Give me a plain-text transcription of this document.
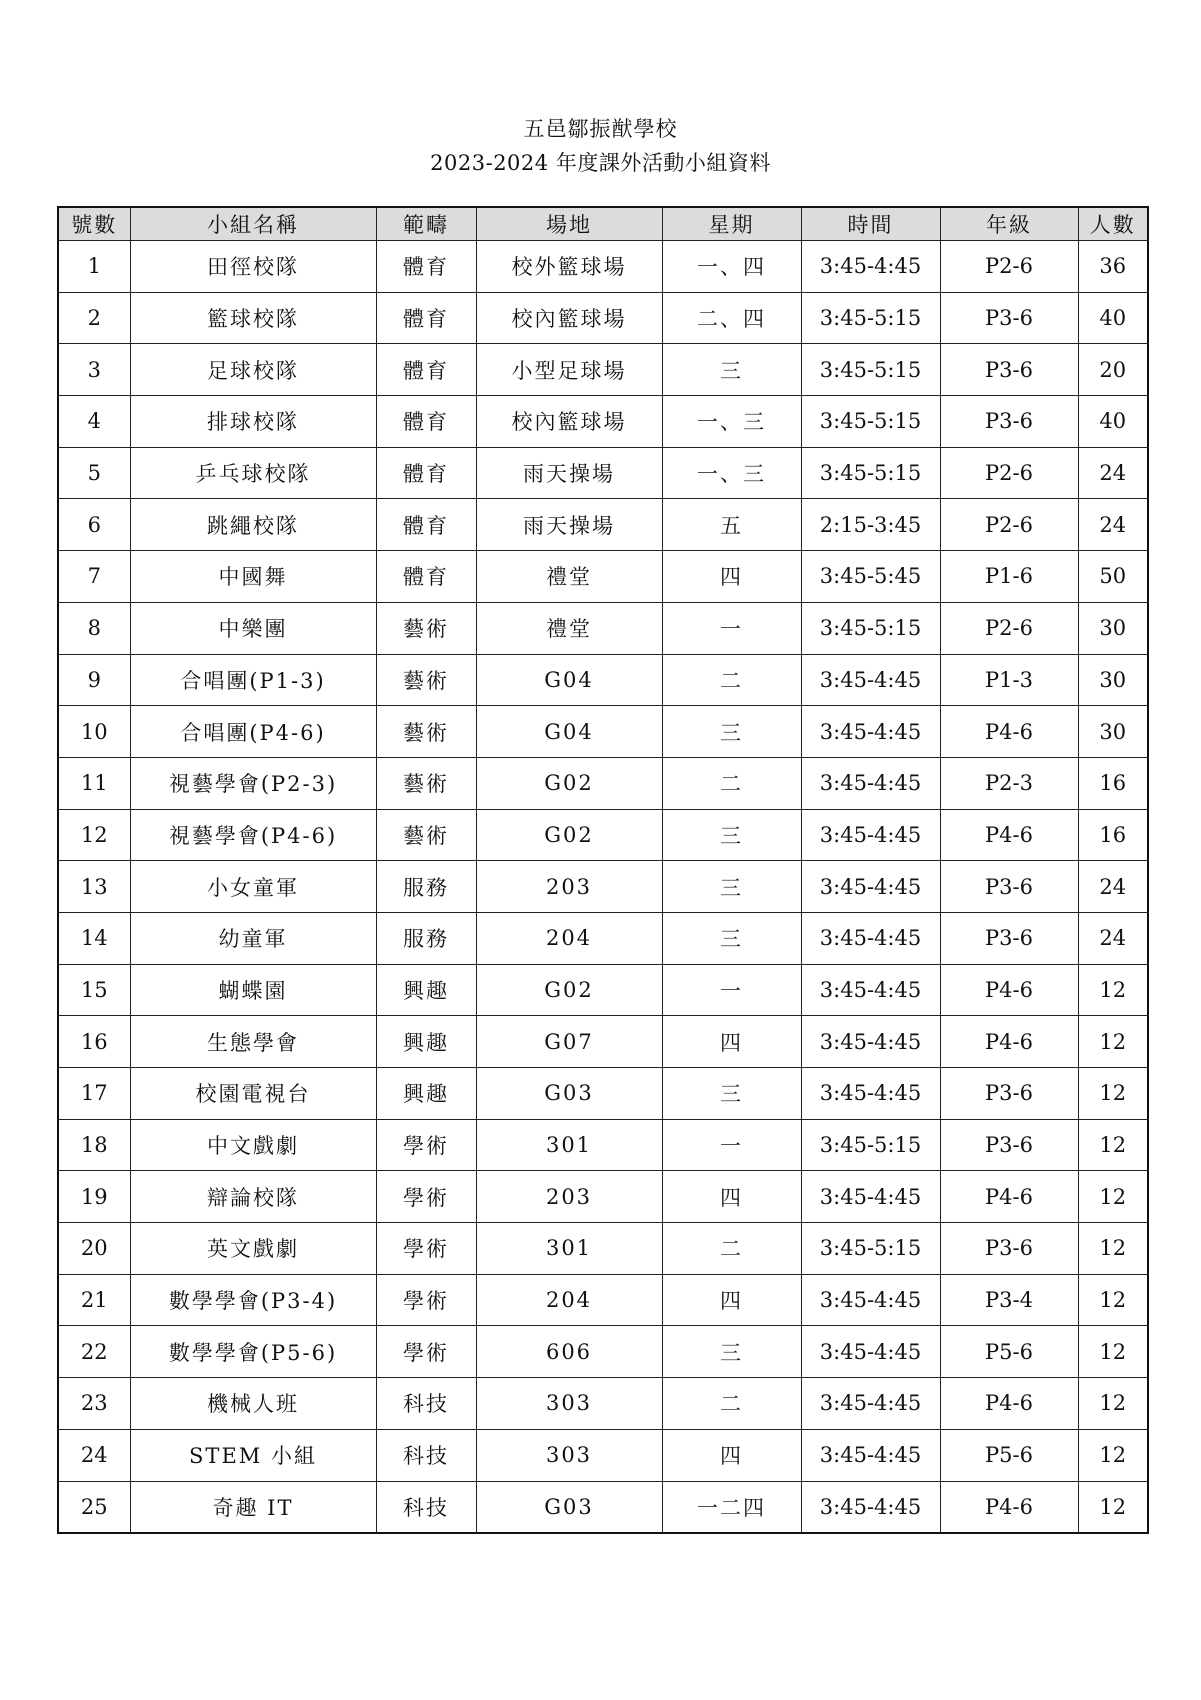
五邑鄒振猷學校
2023-2024 年度課外活動小組資料
號數	小組名稱	範疇	場地	星期	時間	年級	人數
1	田徑校隊	體育	校外籃球場	一、四	3:45-4:45	P2-6	36
2	籃球校隊	體育	校內籃球場	二、四	3:45-5:15	P3-6	40
3	足球校隊	體育	小型足球場	三	3:45-5:15	P3-6	20
4	排球校隊	體育	校內籃球場	一、三	3:45-5:15	P3-6	40
5	乒乓球校隊	體育	雨天操場	一、三	3:45-5:15	P2-6	24
6	跳繩校隊	體育	雨天操場	五	2:15-3:45	P2-6	24
7	中國舞	體育	禮堂	四	3:45-5:45	P1-6	50
8	中樂團	藝術	禮堂	一	3:45-5:15	P2-6	30
9	合唱團(P1-3)	藝術	G04	二	3:45-4:45	P1-3	30
10	合唱團(P4-6)	藝術	G04	三	3:45-4:45	P4-6	30
11	視藝學會(P2-3)	藝術	G02	二	3:45-4:45	P2-3	16
12	視藝學會(P4-6)	藝術	G02	三	3:45-4:45	P4-6	16
13	小女童軍	服務	203	三	3:45-4:45	P3-6	24
14	幼童軍	服務	204	三	3:45-4:45	P3-6	24
15	蝴蝶園	興趣	G02	一	3:45-4:45	P4-6	12
16	生態學會	興趣	G07	四	3:45-4:45	P4-6	12
17	校園電視台	興趣	G03	三	3:45-4:45	P3-6	12
18	中文戲劇	學術	301	一	3:45-5:15	P3-6	12
19	辯論校隊	學術	203	四	3:45-4:45	P4-6	12
20	英文戲劇	學術	301	二	3:45-5:15	P3-6	12
21	數學學會(P3-4)	學術	204	四	3:45-4:45	P3-4	12
22	數學學會(P5-6)	學術	606	三	3:45-4:45	P5-6	12
23	機械人班	科技	303	二	3:45-4:45	P4-6	12
24	STEM 小組	科技	303	四	3:45-4:45	P5-6	12
25	奇趣 IT	科技	G03	一二四	3:45-4:45	P4-6	12
